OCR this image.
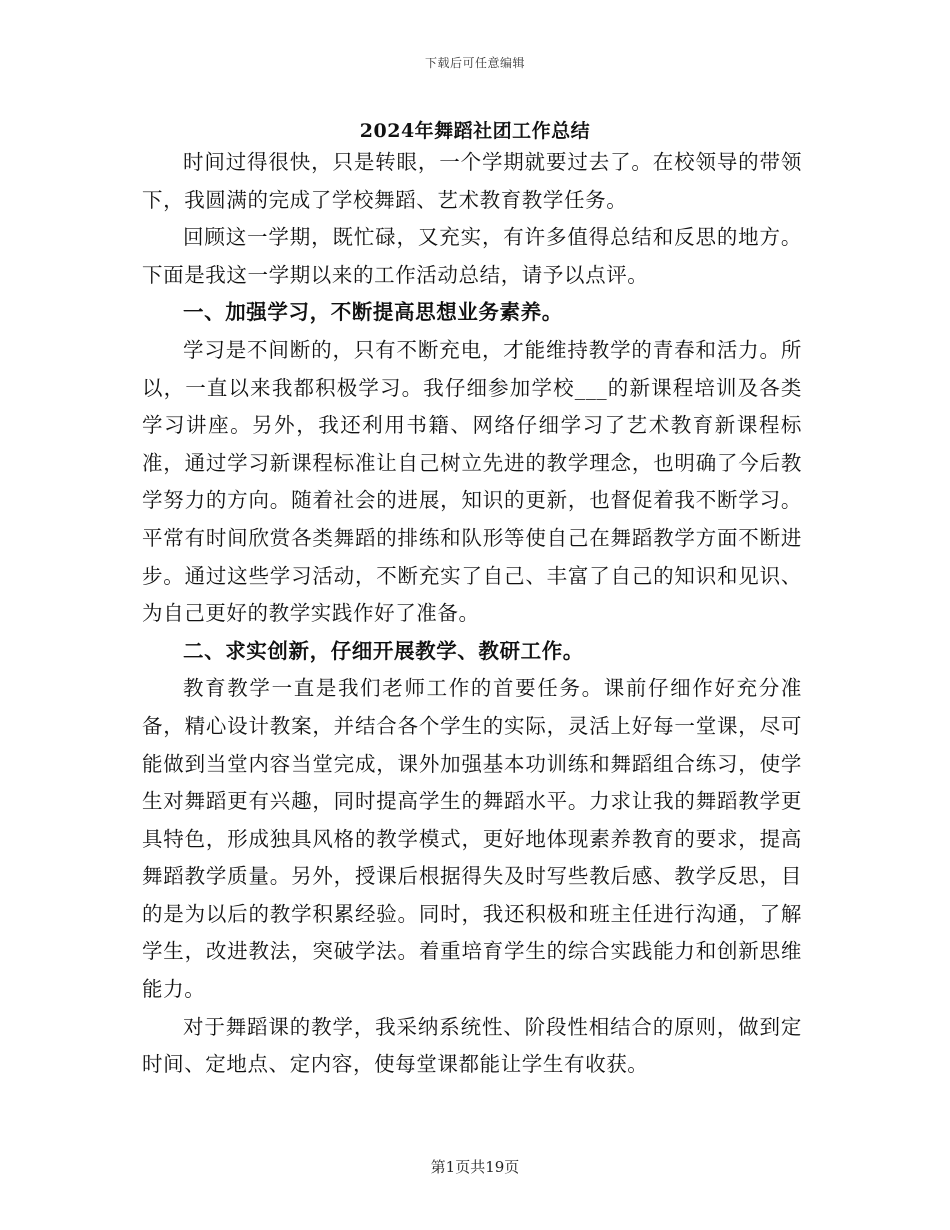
下载后可任意编辑
2024年舞蹈社团工作总结

时间过得很快，只是转眼，一个学期就要过去了。在校领导的带领下，我圆满的完成了学校舞蹈、艺术教育教学任务。

回顾这一学期，既忙碌，又充实，有许多值得总结和反思的地方。下面是我这一学期以来的工作活动总结，请予以点评。

一、加强学习，不断提高思想业务素养。

学习是不间断的，只有不断充电，才能维持教学的青春和活力。所以，一直以来我都积极学习。我仔细参加学校___的新课程培训及各类学习讲座。另外，我还利用书籍、网络仔细学习了艺术教育新课程标准，通过学习新课程标准让自己树立先进的教学理念，也明确了今后教学努力的方向。随着社会的进展，知识的更新，也督促着我不断学习。平常有时间欣赏各类舞蹈的排练和队形等使自己在舞蹈教学方面不断进步。通过这些学习活动，不断充实了自己、丰富了自己的知识和见识、为自己更好的教学实践作好了准备。

二、求实创新，仔细开展教学、教研工作。

教育教学一直是我们老师工作的首要任务。课前仔细作好充分准备，精心设计教案，并结合各个学生的实际，灵活上好每一堂课，尽可能做到当堂内容当堂完成，课外加强基本功训练和舞蹈组合练习，使学生对舞蹈更有兴趣，同时提高学生的舞蹈水平。力求让我的舞蹈教学更具特色，形成独具风格的教学模式，更好地体现素养教育的要求，提高舞蹈教学质量。另外，授课后根据得失及时写些教后感、教学反思，目的是为以后的教学积累经验。同时，我还积极和班主任进行沟通，了解学生，改进教法，突破学法。着重培育学生的综合实践能力和创新思维能力。

对于舞蹈课的教学，我采纳系统性、阶段性相结合的原则，做到定时间、定地点、定内容，使每堂课都能让学生有收获。

第1页共19页
